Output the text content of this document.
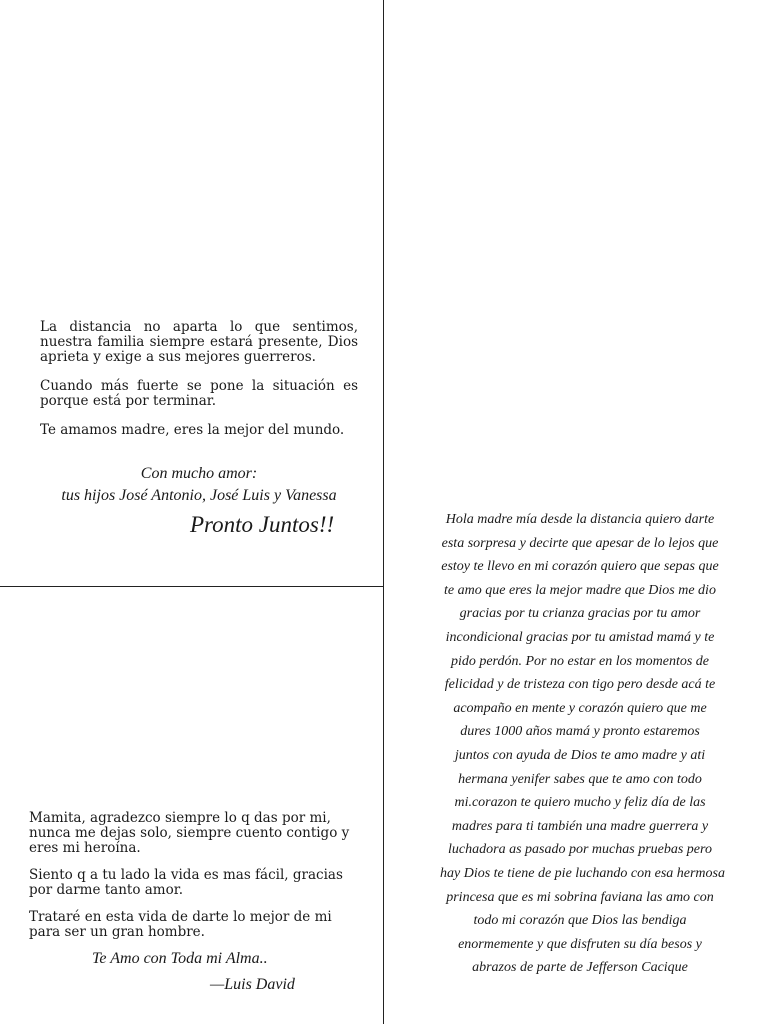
La distancia no aparta lo que sentimos, nuestra familia siempre estará presente, Dios aprieta y exige a sus mejores guerreros.

Cuando más fuerte se pone la situación es porque está por terminar.

Te amamos madre, eres la mejor del mundo.

Con mucho amor:
tus hijos José Antonio, José Luis y Vanessa
Pronto Juntos!!

Mamita, agradezco siempre lo q das por mi, nunca me dejas solo, siempre cuento contigo y eres mi heroína.

Siento q a tu lado la vida es mas fácil, gracias por darme tanto amor.

Trataré en esta vida de darte lo mejor de mi para ser un gran hombre.

Te Amo con Toda mi Alma..
—Luis David
Hola madre mía desde la distancia quiero darte
esta sorpresa y decirte que apesar de lo lejos que
estoy te llevo en mi corazón quiero que sepas que
te amo que eres la mejor madre que Dios me dio
gracias por tu crianza gracias por tu amor
incondicional gracias por tu amistad mamá y te
pido perdón. Por no estar en los momentos de
felicidad y de tristeza con tigo pero desde acá te
acompaño en mente y corazón quiero que me
dures 1000 años mamá y pronto estaremos
juntos con ayuda de Dios te amo madre y ati
hermana yenifer sabes que te amo con todo
mi.corazon te quiero mucho y feliz día de las
madres para ti también una madre guerrera y
luchadora as pasado por muchas pruebas pero
hay Dios te tiene de pie luchando con esa hermosa
princesa que es mi sobrina faviana las amo con
todo mi corazón que Dios las bendiga
enormemente y que disfruten su día besos y
abrazos de parte de Jefferson Cacique
